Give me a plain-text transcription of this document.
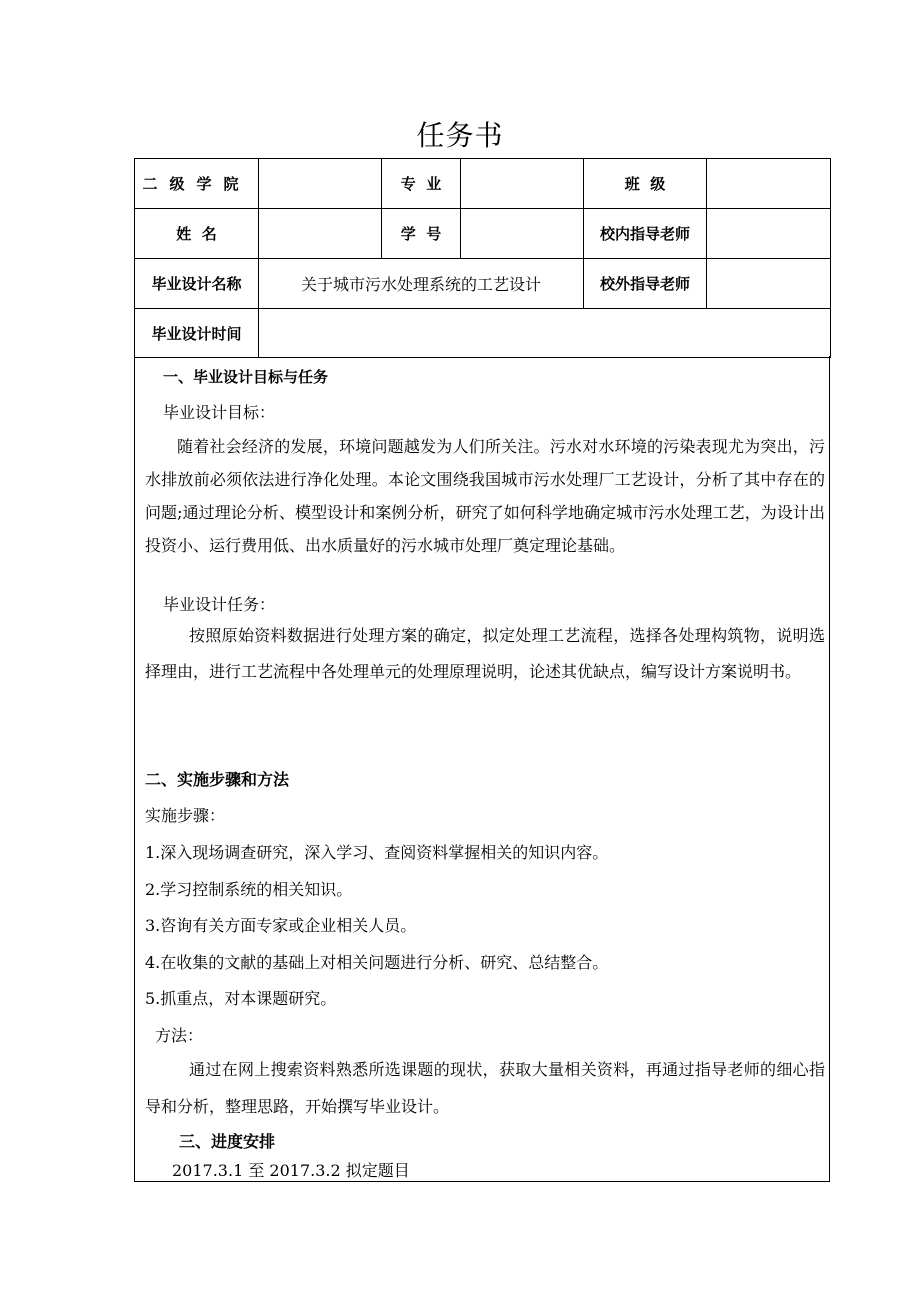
任务书
二级学院		专  业		班  级	
姓  名		学  号		校内指导老师	
毕业设计名称	关于城市污水处理系统的工艺设计			校外指导老师	
毕业设计时间					
一、毕业设计目标与任务
毕业设计目标：

随着社会经济的发展，环境问题越发为人们所关注。污水对水环境的污染表现尤为突出，污水排放前必须依法进行净化处理。本论文围绕我国城市污水处理厂工艺设计，分析了其中存在的问题;通过理论分析、模型设计和案例分析，研究了如何科学地确定城市污水处理工艺，为设计出投资小、运行费用低、出水质量好的污水城市处理厂奠定理论基础。

毕业设计任务：

按照原始资料数据进行处理方案的确定，拟定处理工艺流程，选择各处理构筑物，说明选择理由，进行工艺流程中各处理单元的处理原理说明，论述其优缺点，编写设计方案说明书。

二、实施步骤和方法
实施步骤：
1.深入现场调查研究，深入学习、查阅资料掌握相关的知识内容。
2.学习控制系统的相关知识。
3.咨询有关方面专家或企业相关人员。
4.在收集的文献的基础上对相关问题进行分析、研究、总结整合。
5.抓重点，对本课题研究。
方法：

通过在网上搜索资料熟悉所选课题的现状，获取大量相关资料，再通过指导老师的细心指导和分析，整理思路，开始撰写毕业设计。

三、进度安排
2017.3.1 至 2017.3.2 拟定题目
